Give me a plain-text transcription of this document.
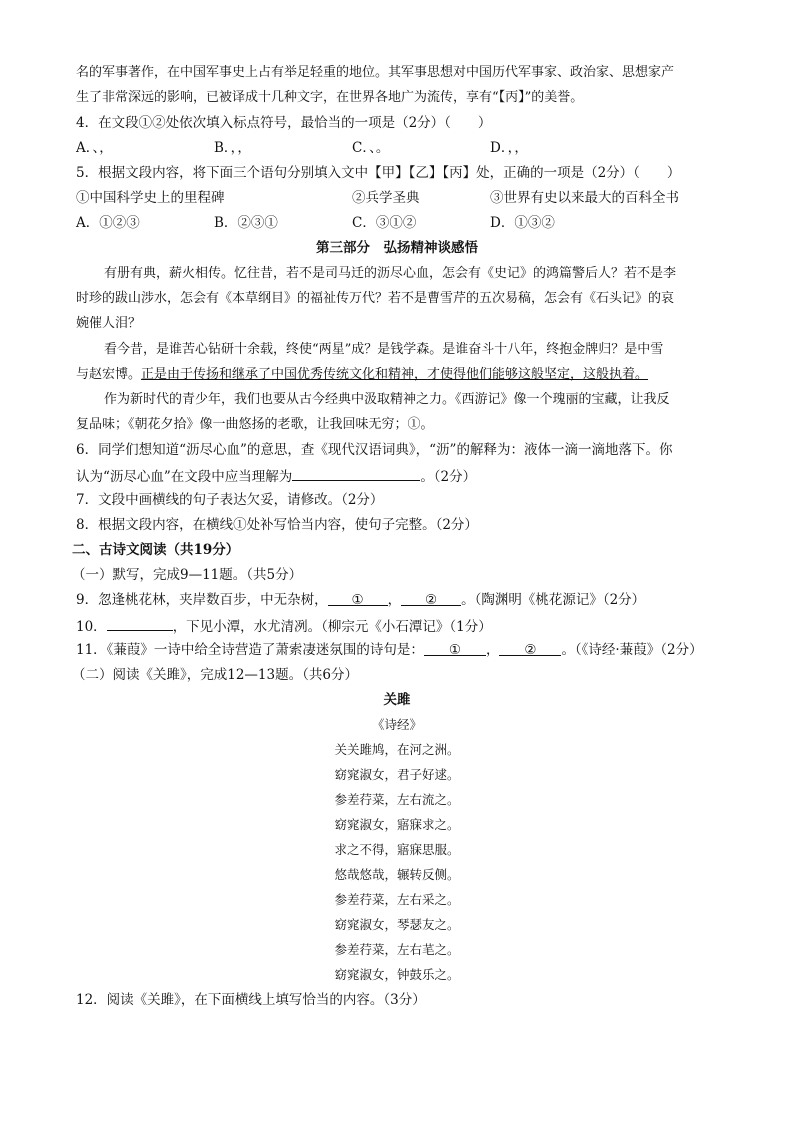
名的军事著作，在中国军事史上占有举足轻重的地位。其军事思想对中国历代军事家、政治家、思想家产
生了非常深远的影响，已被译成十几种文字，在世界各地广为流传，享有“【丙】”的美誉。
4．在文段①②处依次填入标点符号，最恰当的一项是（2分）（　　）
A．、，	B．，，	C．、。	D．，，
5．根据文段内容，将下面三个语句分别填入文中【甲】【乙】【丙】处，正确的一项是（2分）（　　）
①中国科学史上的里程碑	②兵学圣典	③世界有史以来最大的百科全书
A．①②③	B．②③①	C．③①②	D．①③②
第三部分　弘扬精神谈感悟
有册有典，薪火相传。忆往昔，若不是司马迁的沥尽心血，怎会有《史记》的鸿篇警后人？若不是李
时珍的跋山涉水，怎会有《本草纲目》的福祉传万代？若不是曹雪芹的五次易稿，怎会有《石头记》的哀
婉催人泪？
看今昔，是谁苦心钻研十余载，终使“两星”成？是钱学森。是谁奋斗十八年，终抱金牌归？是中雪
与赵宏博。正是由于传扬和继承了中国优秀传统文化和精神，才使得他们能够这般坚定，这般执着。
作为新时代的青少年，我们也要从古今经典中汲取精神之力。《西游记》像一个瑰丽的宝藏，让我反
复品味；《朝花夕拾》像一曲悠扬的老歌，让我回味无穷；①。
6．同学们想知道“沥尽心血”的意思，查《现代汉语词典》，“沥”的解释为：液体一滴一滴地落下。你
认为“沥尽心血”在文段中应当理解为	。（2分）
7．文段中画横线的句子表达欠妥，请修改。（2分）
8．根据文段内容，在横线①处补写恰当内容，使句子完整。（2分）
二、古诗文阅读（共19分）
（一）默写，完成9—11题。（共5分）
9．忽逢桃花林，夹岸数百步，中无杂树， ① ， ② 。（陶渊明《桃花源记》（2分）
10．	，下见小潭，水尤清冽。（柳宗元《小石潭记》（1分）
11．《蒹葭》一诗中给全诗营造了萧索凄迷氛围的诗句是： ① ， ② 。（《诗经·蒹葭》（2分）
（二）阅读《关雎》，完成12—13题。（共6分）
关雎
《诗经》
关关雎鸠，在河之洲。
窈窕淑女，君子好逑。
参差荇菜，左右流之。
窈窕淑女，寤寐求之。
求之不得，寤寐思服。
悠哉悠哉，辗转反侧。
参差荇菜，左右采之。
窈窕淑女，琴瑟友之。
参差荇菜，左右芼之。
窈窕淑女，钟鼓乐之。
12．阅读《关雎》，在下面横线上填写恰当的内容。（3分）
